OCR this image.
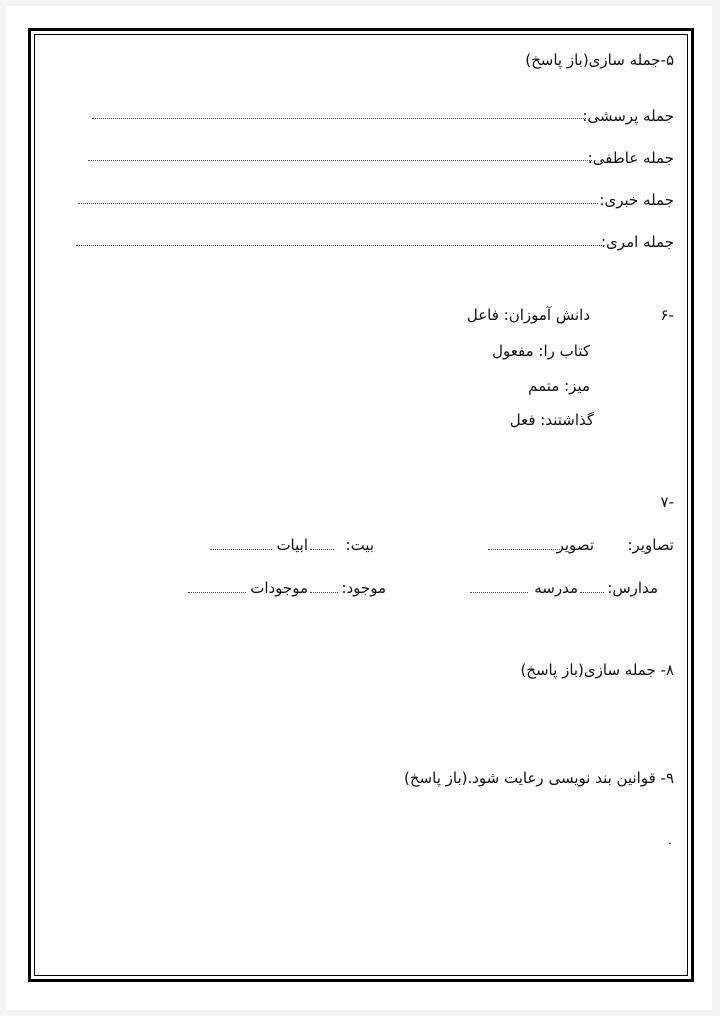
۵-جمله سازی(باز پاسخ)
جمله پرسشی:
جمله عاطفی:
جمله خبری:
جمله امری:
-۶
دانش آموزان: فاعل
کتاب را: مفعول
میز: متمم
گذاشتند: فعل
-۷
تصاویر:
تصویر
بیت:
ابیات
مدارس:
مدرسه
موجود:
موجودات
۸- جمله سازی(باز پاسخ)
۹- قوانین بند نویسی رعایت شود.(باز پاسخ)
.
